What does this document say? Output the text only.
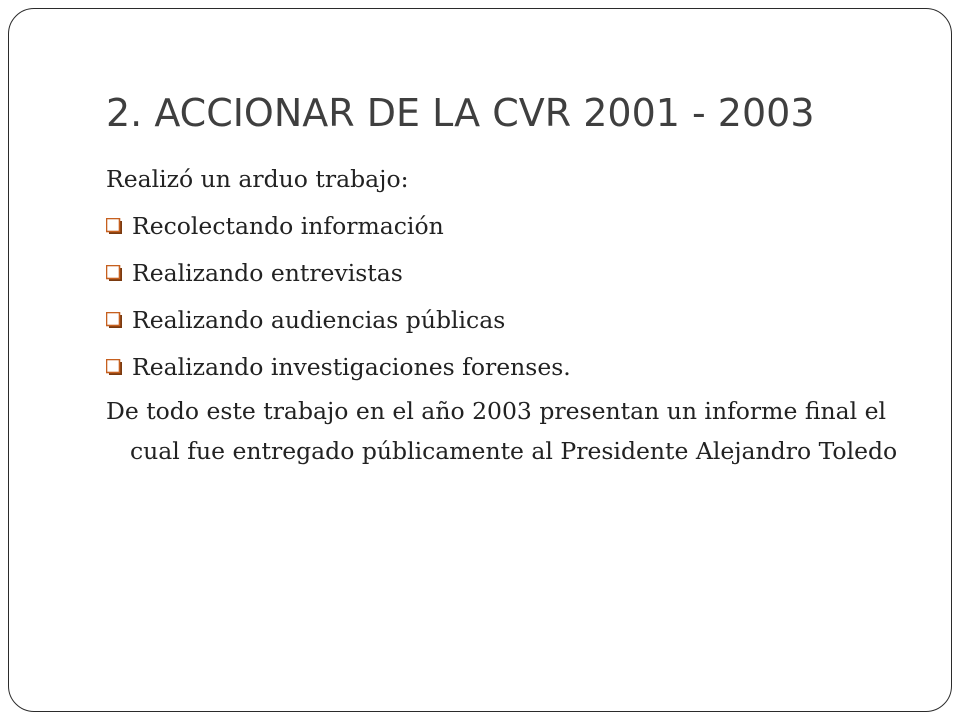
2. ACCIONAR DE LA CVR 2001 - 2003

Realizó un arduo trabajo:

Recolectando información
Realizando entrevistas
Realizando audiencias públicas
Realizando investigaciones forenses.

De todo este trabajo en el año 2003 presentan un informe final el cual fue entregado públicamente al Presidente Alejandro Toledo
